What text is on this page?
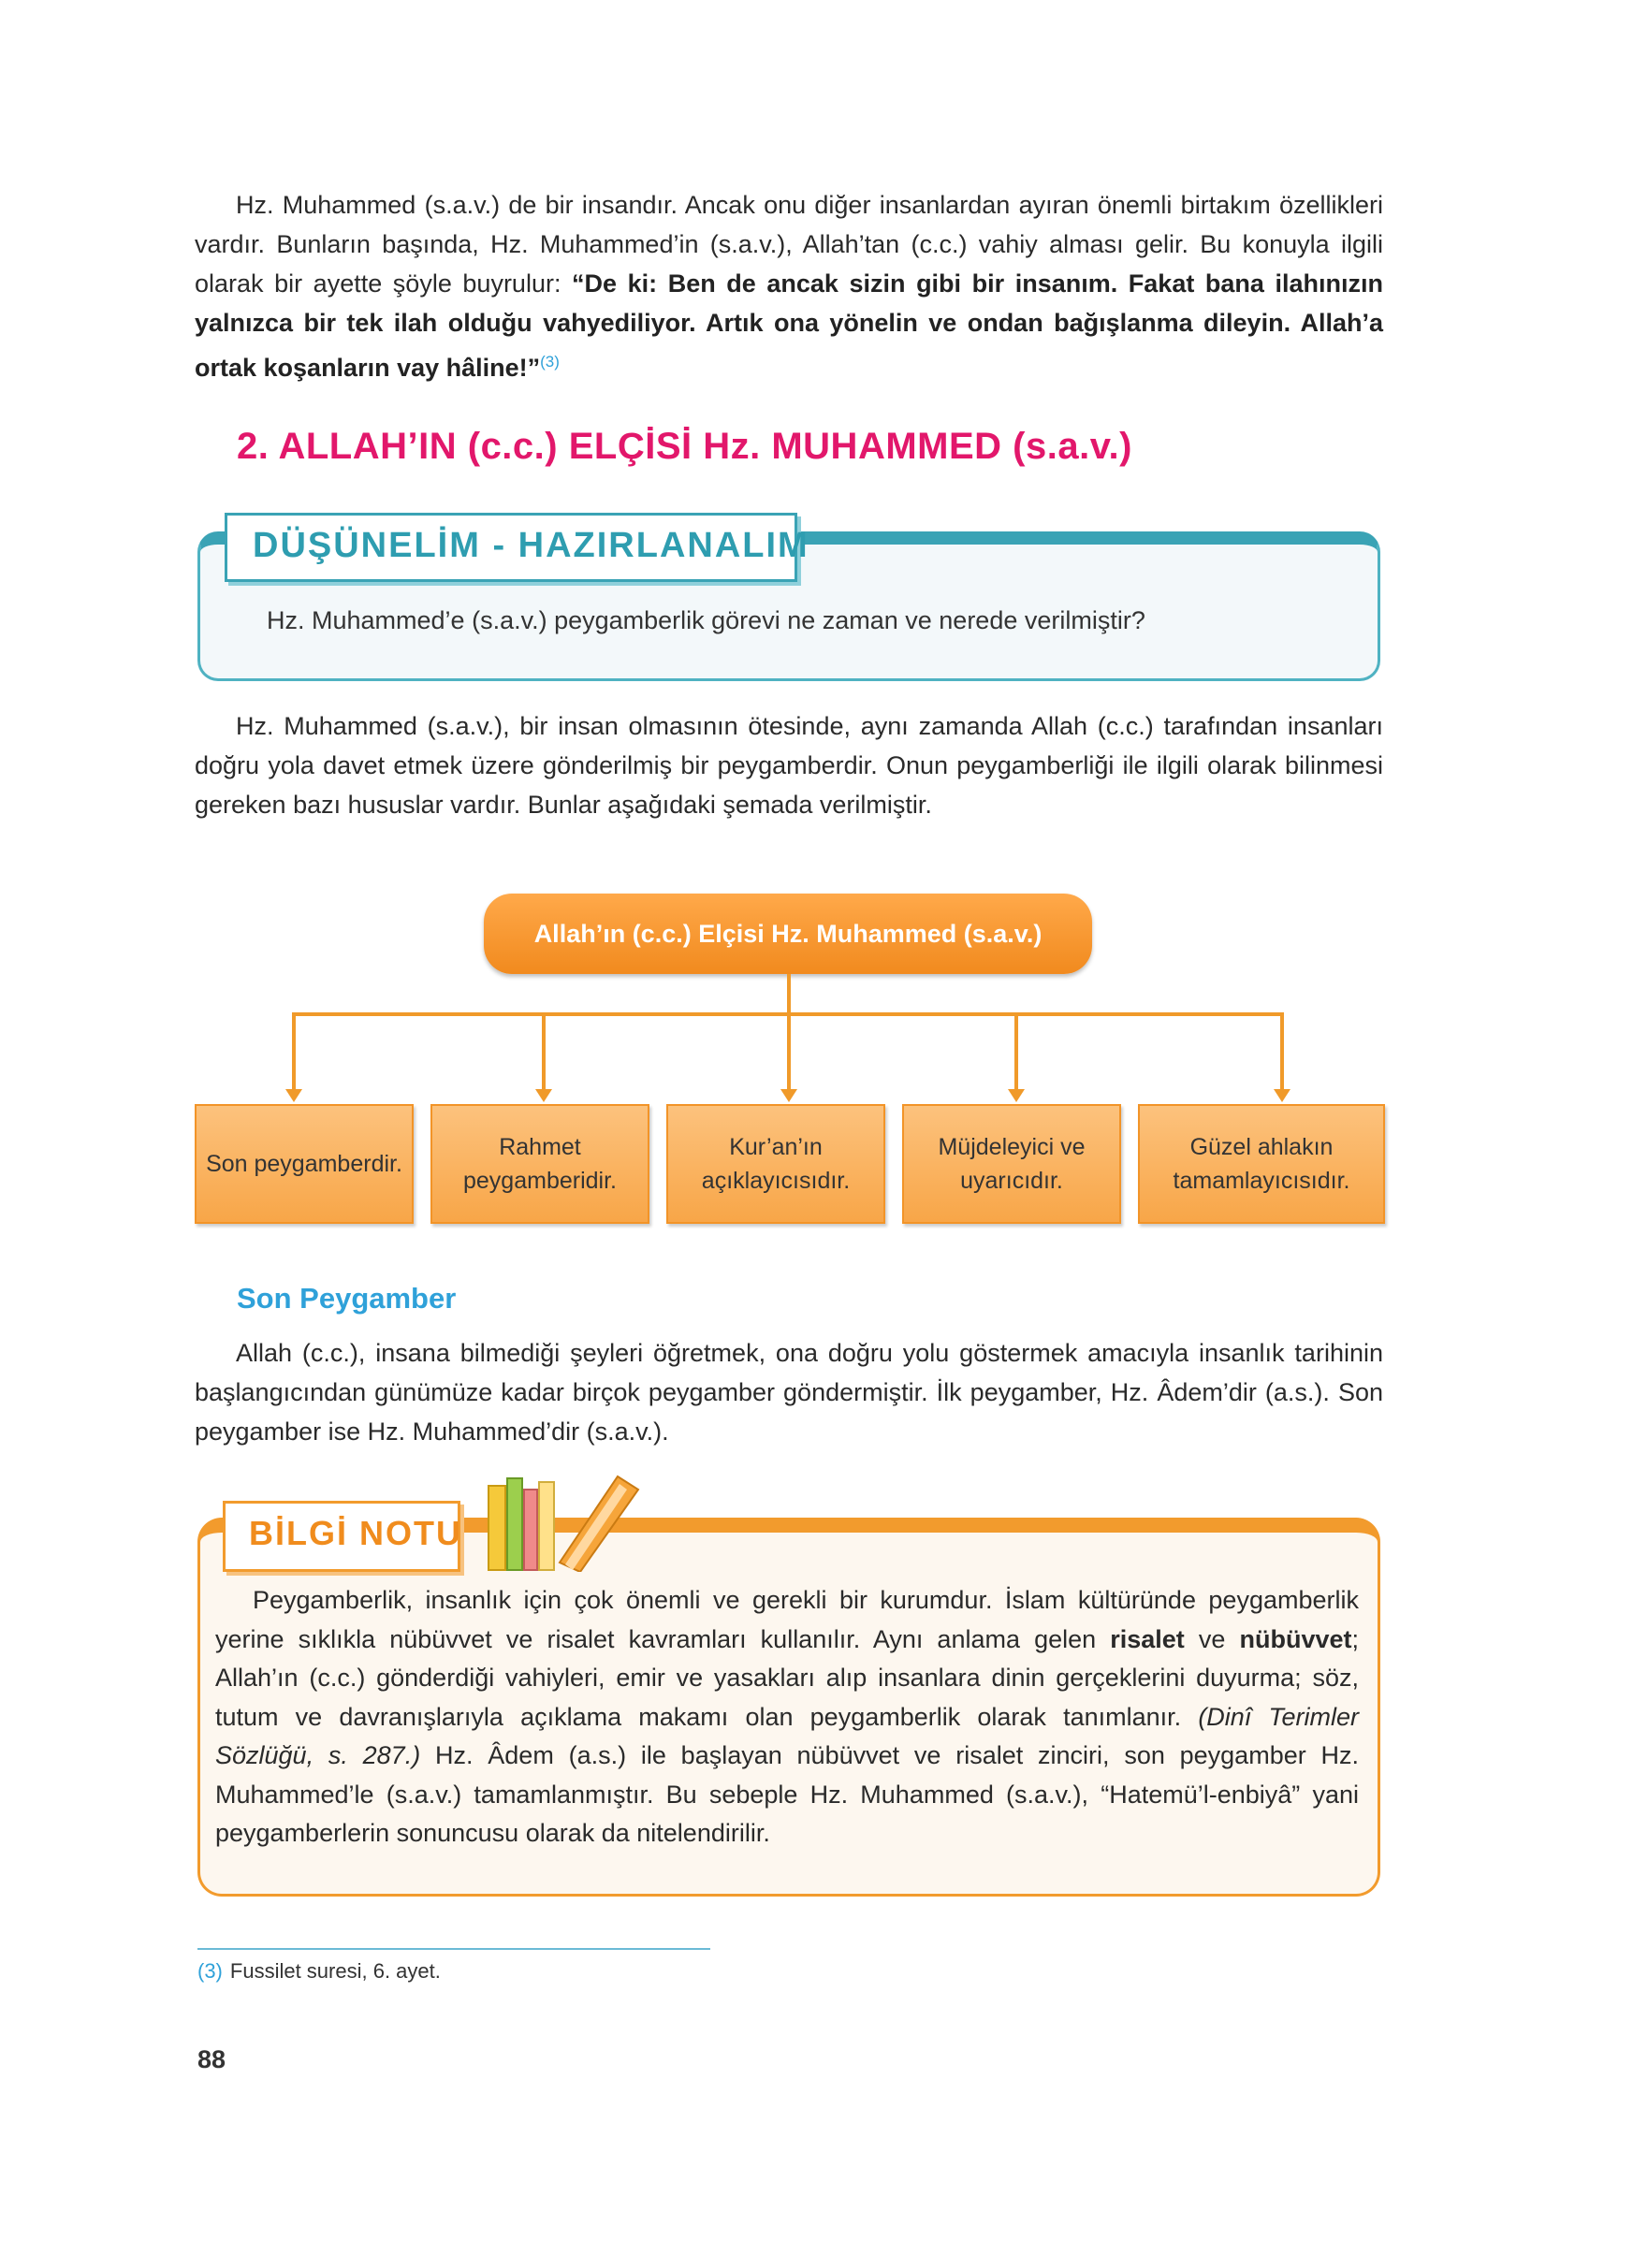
Hz. Muhammed (s.a.v.) de bir insandır. Ancak onu diğer insanlardan ayıran önemli birtakım özellikleri vardır. Bunların başında, Hz. Muhammed’in (s.a.v.), Allah’tan (c.c.) vahiy alması gelir. Bu konuyla ilgili olarak bir ayette şöyle buyrulur: “De ki: Ben de ancak sizin gibi bir insanım. Fakat bana ilahınızın yalnızca bir tek ilah olduğu vahyediliyor. Artık ona yönelin ve ondan bağışlanma dileyin. Allah’a ortak koşanların vay hâline!”$^{(3)}$

2. ALLAH’IN (c.c.) ELÇİSİ Hz. MUHAMMED (s.a.v.)
DÜŞÜNELİM - HAZIRLANALIM
Hz. Muhammed’e (s.a.v.) peygamberlik görevi ne zaman ve nerede verilmiştir?

Hz. Muhammed (s.a.v.), bir insan olmasının ötesinde, aynı zamanda Allah (c.c.) tarafından insanları doğru yola davet etmek üzere gönderilmiş bir peygamberdir. Onun peygamberliği ile ilgili olarak bilinmesi gereken bazı hususlar vardır. Bunlar aşağıdaki şemada verilmiştir.

Allah’ın (c.c.) Elçisi Hz. Muhammed (s.a.v.)
Son peygamberdir.
Rahmet peygamberidir.
Kur’an’ın açıklayıcısıdır.
Müjdeleyici ve uyarıcıdır.
Güzel ahlakın tamamlayıcısıdır.
Son Peygamber

Allah (c.c.), insana bilmediği şeyleri öğretmek, ona doğru yolu göstermek amacıyla insanlık tarihinin başlangıcından günümüze kadar birçok peygamber göndermiştir. İlk peygamber, Hz. Âdem’dir (a.s.). Son peygamber ise Hz. Muhammed’dir (s.a.v.).

BİLGİ NOTU

Peygamberlik, insanlık için çok önemli ve gerekli bir kurumdur. İslam kültüründe peygamberlik yerine sıklıkla nübüvvet ve risalet kavramları kullanılır. Aynı anlama gelen risalet ve nübüvvet; Allah’ın (c.c.) gönderdiği vahiyleri, emir ve yasakları alıp insanlara dinin gerçeklerini duyurma; söz, tutum ve davranışlarıyla açıklama makamı olan peygamberlik olarak tanımlanır. (Dinî Terimler Sözlüğü, s. 287.) Hz. Âdem (a.s.) ile başlayan nübüvvet ve risalet zinciri, son peygamber Hz. Muhammed’le (s.a.v.) tamamlanmıştır. Bu sebeple Hz. Muhammed (s.a.v.), “Hatemü’l-enbiyâ” yani peygamberlerin sonuncusu olarak da nitelendirilir.

(3) Fussilet suresi, 6. ayet.
88
